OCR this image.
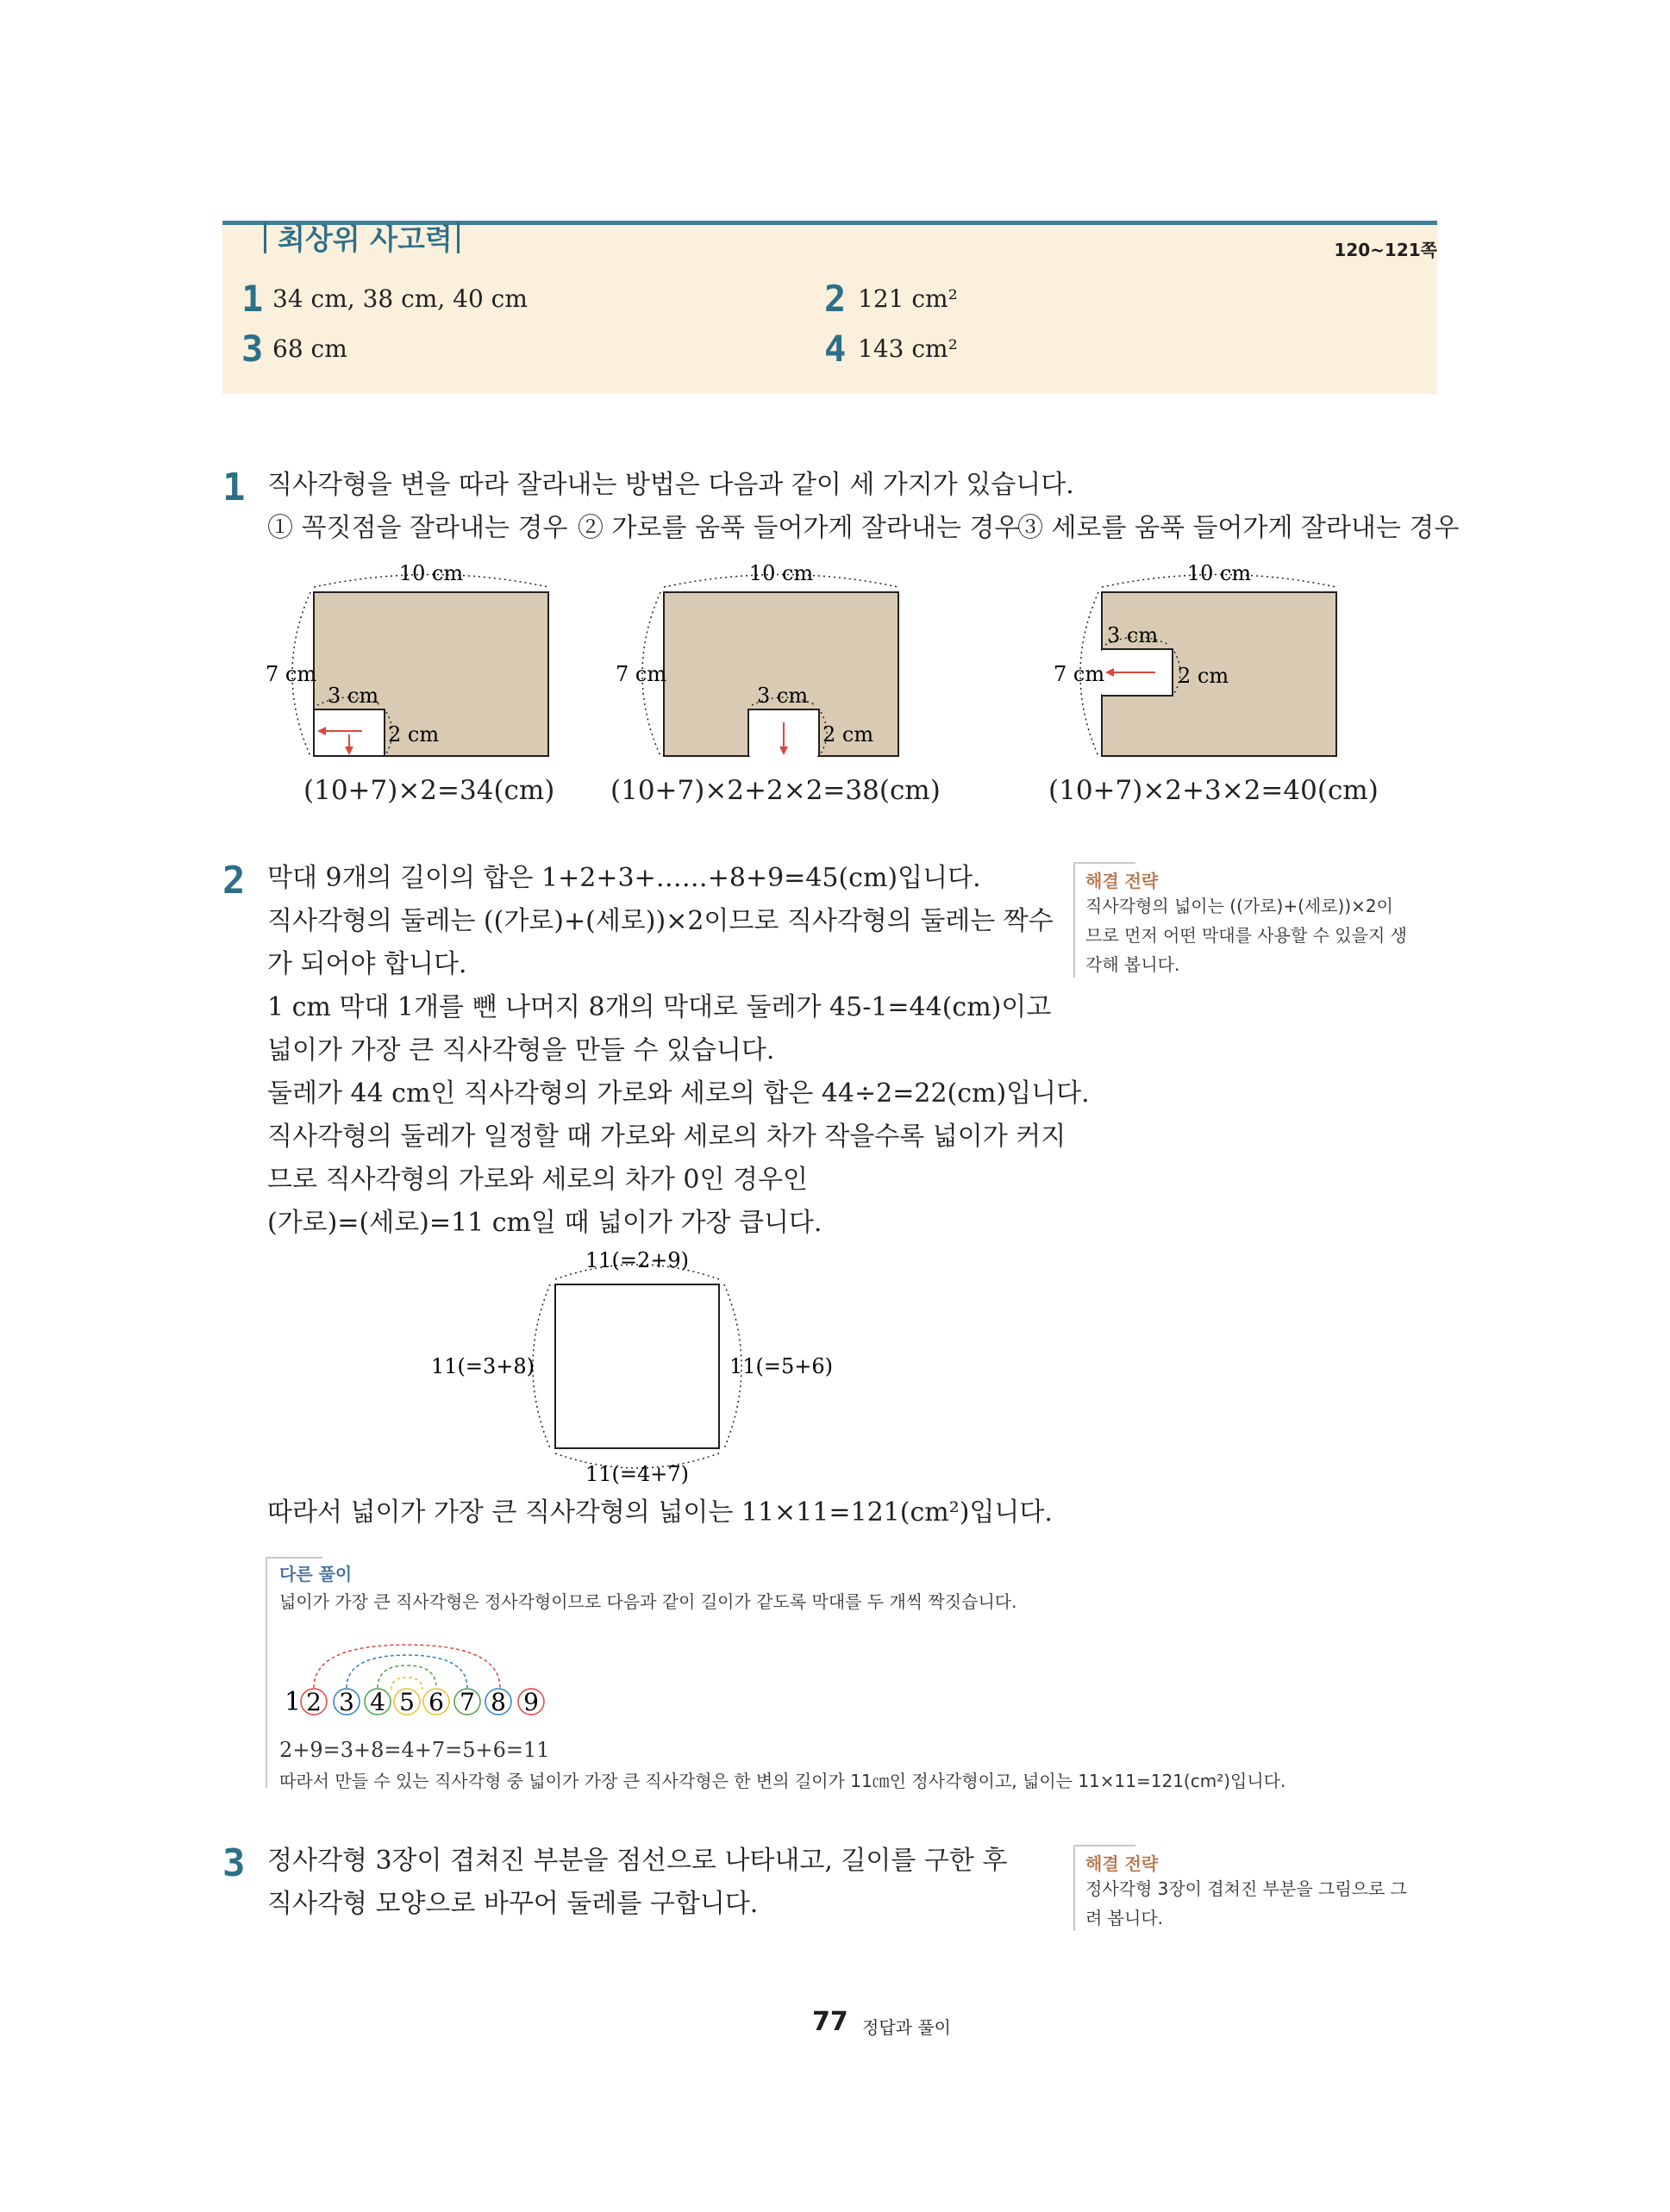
최상위 사고력	120~121쪽
1 34 cm, 38 cm, 40 cm	2 121 cm²
3 68 cm	4 143 cm²
1 직사각형을 변을 따라 잘라내는 방법은 다음과 같이 세 가지가 있습니다.
① 꼭짓점을 잘라내는 경우 ② 가로를 움푹 들어가게 잘라내는 경우
③ 세로를 움푹 들어가게 잘라내는 경우
10 cm
7 cm
3 cm
2 cm
10 cm
7 cm
3 cm
2 cm
10 cm
7 cm
3 cm
2 cm
(10+7)×2=34(cm) (10+7)×2+2×2=38(cm)	(10+7)×2+3×2=40(cm)
2 막대 9개의 길이의 합은 1+2+3+……+8+9=45(cm)입니다.
직사각형의 둘레는 ((가로)+(세로))×2이므로 직사각형의 둘레는 짝수
가 되어야 합니다.
1 cm 막대 1개를 뺀 나머지 8개의 막대로 둘레가 45-1=44(cm)이고
넓이가 가장 큰 직사각형을 만들 수 있습니다.
둘레가 44 cm인 직사각형의 가로와 세로의 합은 44÷2=22(cm)입니다.
직사각형의 둘레가 일정할 때 가로와 세로의 차가 작을수록 넓이가 커지
므로 직사각형의 가로와 세로의 차가 0인 경우인
(가로)=(세로)=11 cm일 때 넓이가 가장 큽니다.
해결 전략
직사각형의 넓이는 ((가로)+(세로))×2이
므로 먼저 어떤 막대를 사용할 수 있을지 생
각해 봅니다.
11(=2+9)
11(=4+7)
11(=3+8)	11(=5+6)
따라서 넓이가 가장 큰 직사각형의 넓이는 11×11=121(cm²)입니다.
다른 풀이
넓이가 가장 큰 직사각형은 정사각형이므로 다음과 같이 길이가 같도록 막대를 두 개씩 짝짓습니다.
1 2 3 4 5 6 7 8 9
2+9=3+8=4+7=5+6=11
따라서 만들 수 있는 직사각형 중 넓이가 가장 큰 직사각형은 한 변의 길이가 11㎝인 정사각형이고, 넓이는 11×11=121(cm²)입니다.
3 정사각형 3장이 겹쳐진 부분을 점선으로 나타내고, 길이를 구한 후
직사각형 모양으로 바꾸어 둘레를 구합니다.
해결 전략
정사각형 3장이 겹쳐진 부분을 그림으로 그
려 봅니다.
77 정답과 풀이
